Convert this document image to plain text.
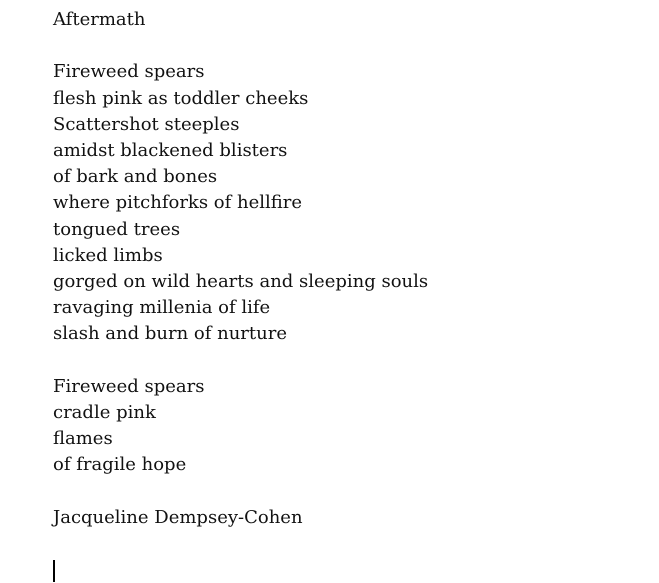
Aftermath
Fireweed spears
flesh pink as toddler cheeks
Scattershot steeples
amidst blackened blisters
of bark and bones
where pitchforks of hellfire
tongued trees
licked limbs
gorged on wild hearts and sleeping souls
ravaging millenia of life
slash and burn of nurture
Fireweed spears
cradle pink
flames
of fragile hope
Jacqueline Dempsey-Cohen
